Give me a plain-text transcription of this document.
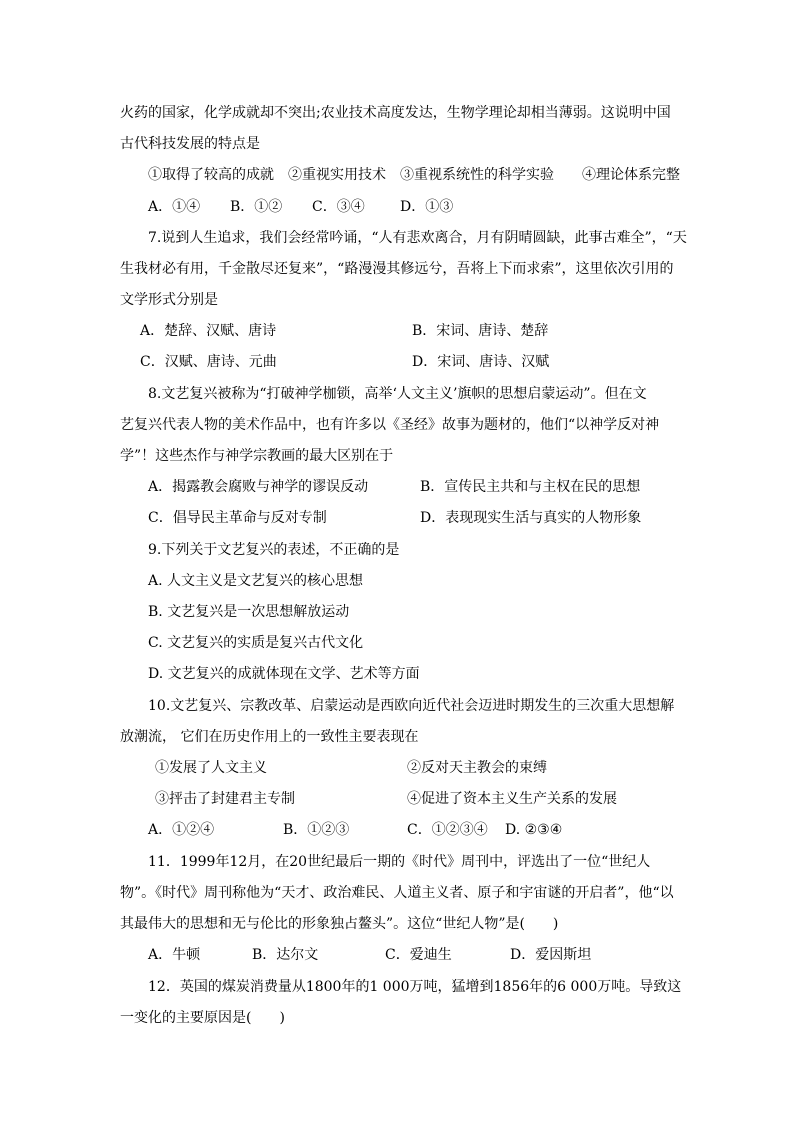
火药的国家，化学成就却不突出;农业技术高度发达，生物学理论却相当薄弱。这说明中国
古代科技发展的特点是
①取得了较高的成就　②重视实用技术　③重视系统性的科学实验　　④理论体系完整
A．①④ B．①② C．③④	D．①③
7.说到人生追求，我们会经常吟诵，“人有悲欢离合，月有阴晴圆缺，此事古难全”，“天
生我材必有用，千金散尽还复来”，“路漫漫其修远兮，吾将上下而求索”，这里依次引用的
文学形式分别是
A．楚辞、汉赋、唐诗	B．宋词、唐诗、楚辞
C．汉赋、唐诗、元曲	D．宋词、唐诗、汉赋
8.文艺复兴被称为“打破神学枷锁，高举‘人文主义’旗帜的思想启蒙运动”。但在文
艺复兴代表人物的美术作品中，也有许多以《圣经》故事为题材的，他们“以神学反对神
学”！这些杰作与神学宗教画的最大区别在于
A．揭露教会腐败与神学的谬误反动	B．宣传民主共和与主权在民的思想
C．倡导民主革命与反对专制	D．表现现实生活与真实的人物形象
9.下列关于文艺复兴的表述，不正确的是
A. 人文主义是文艺复兴的核心思想
B. 文艺复兴是一次思想解放运动
C. 文艺复兴的实质是复兴古代文化
D. 文艺复兴的成就体现在文学、艺术等方面
10.文艺复兴、宗教改革、启蒙运动是西欧向近代社会迈进时期发生的三次重大思想解
放潮流， 它们在历史作用上的一致性主要表现在
①发展了人文主义	②反对天主教会的束缚
③抨击了封建君主专制	④促进了资本主义生产关系的发展
A．①②④	B．①②③	C．①②③④ D. ②③④
11．1999年12月，在20世纪最后一期的《时代》周刊中，评选出了一位“世纪人
物”。《时代》周刊称他为“天才、政治难民、人道主义者、原子和宇宙谜的开启者”，他“以
其最伟大的思想和无与伦比的形象独占鳌头”。这位“世纪人物”是(　　)
A．牛顿	B．达尔文	C．爱迪生	D．爱因斯坦
12．英国的煤炭消费量从1800年的1 000万吨，猛增到1856年的6 000万吨。导致这
一变化的主要原因是(　　)
